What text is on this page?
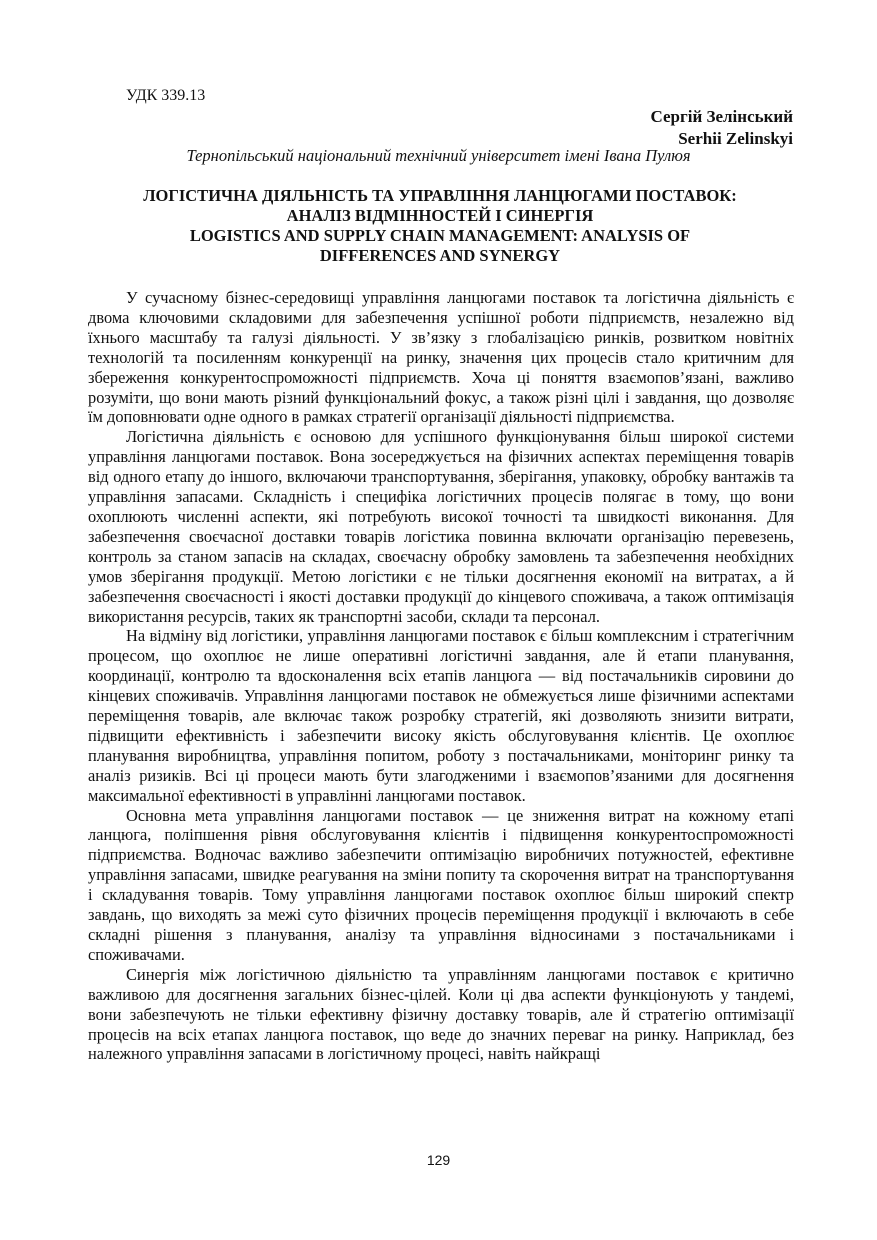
УДК 339.13
Сергій Зелінський
Serhii Zelinskyi
Тернопільський національний технічний університет імені Івана Пулюя
ЛОГІСТИЧНА ДІЯЛЬНІСТЬ ТА УПРАВЛІННЯ ЛАНЦЮГАМИ ПОСТАВОК:
АНАЛІЗ ВІДМІННОСТЕЙ І СИНЕРГІЯ
LOGISTICS AND SUPPLY CHAIN MANAGEMENT: ANALYSIS OF
DIFFERENCES AND SYNERGY

У сучасному бізнес-середовищі управління ланцюгами поставок та логістична діяльність є двома ключовими складовими для забезпечення успішної роботи підприємств, незалежно від їхнього масштабу та галузі діяльності. У зв’язку з глобалізацією ринків, розвитком новітніх технологій та посиленням конкуренції на ринку, значення цих процесів стало критичним для збереження конкурентоспроможності підприємств. Хоча ці поняття взаємопов’язані, важливо розуміти, що вони мають різний функціональний фокус, а також різні цілі і завдання, що дозволяє їм доповнювати одне одного в рамках стратегії організації діяльності підприємства.

Логістична діяльність є основою для успішного функціонування більш широкої системи управління ланцюгами поставок. Вона зосереджується на фізичних аспектах переміщення товарів від одного етапу до іншого, включаючи транспортування, зберігання, упаковку, обробку вантажів та управління запасами. Складність і специфіка логістичних процесів полягає в тому, що вони охоплюють численні аспекти, які потребують високої точності та швидкості виконання. Для забезпечення своєчасної доставки товарів логістика повинна включати організацію перевезень, контроль за станом запасів на складах, своєчасну обробку замовлень та забезпечення необхідних умов зберігання продукції. Метою логістики є не тільки досягнення економії на витратах, а й забезпечення своєчасності і якості доставки продукції до кінцевого споживача, а також оптимізація використання ресурсів, таких як транспортні засоби, склади та персонал.

На відміну від логістики, управління ланцюгами поставок є більш комплексним і стратегічним процесом, що охоплює не лише оперативні логістичні завдання, але й етапи планування, координації, контролю та вдосконалення всіх етапів ланцюга — від постачальників сировини до кінцевих споживачів. Управління ланцюгами поставок не обмежується лише фізичними аспектами переміщення товарів, але включає також розробку стратегій, які дозволяють знизити витрати, підвищити ефективність і забезпечити високу якість обслуговування клієнтів. Це охоплює планування виробництва, управління попитом, роботу з постачальниками, моніторинг ринку та аналіз ризиків. Всі ці процеси мають бути злагодженими і взаємопов’язаними для досягнення максимальної ефективності в управлінні ланцюгами поставок.

Основна мета управління ланцюгами поставок — це зниження витрат на кожному етапі ланцюга, поліпшення рівня обслуговування клієнтів і підвищення конкурентоспроможності підприємства. Водночас важливо забезпечити оптимізацію виробничих потужностей, ефективне управління запасами, швидке реагування на зміни попиту та скорочення витрат на транспортування і складування товарів. Тому управління ланцюгами поставок охоплює більш широкий спектр завдань, що виходять за межі суто фізичних процесів переміщення продукції і включають в себе складні рішення з планування, аналізу та управління відносинами з постачальниками і споживачами.

Синергія між логістичною діяльністю та управлінням ланцюгами поставок є критично важливою для досягнення загальних бізнес-цілей. Коли ці два аспекти функціонують у тандемі, вони забезпечують не тільки ефективну фізичну доставку товарів, але й стратегію оптимізації процесів на всіх етапах ланцюга поставок, що веде до значних переваг на ринку. Наприклад, без належного управління запасами в логістичному процесі, навіть найкращі

129
